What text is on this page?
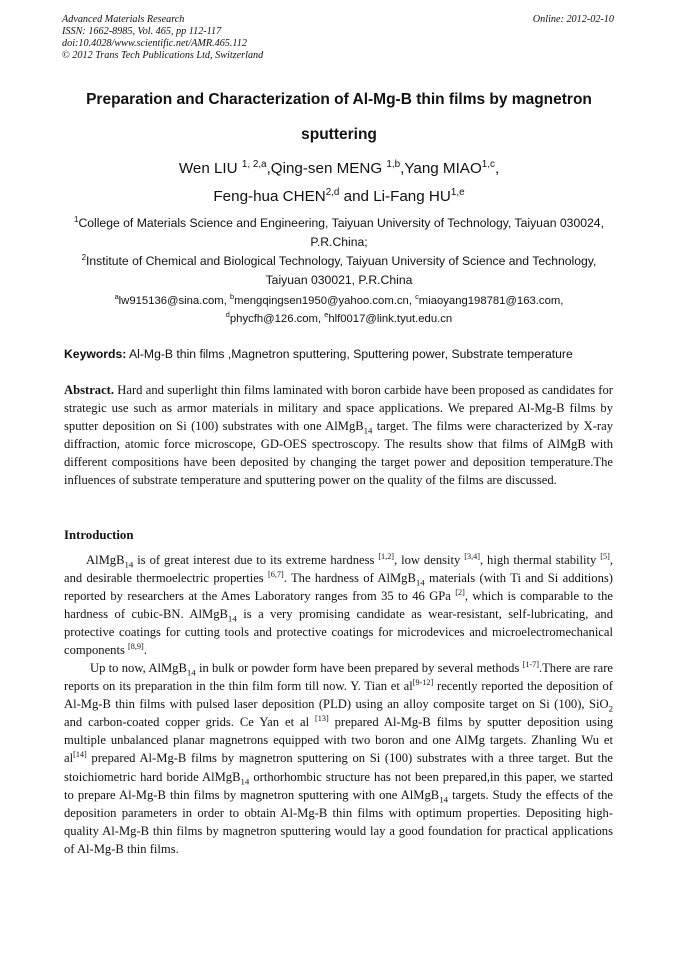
Advanced Materials Research
ISSN: 1662-8985, Vol. 465, pp 112-117
doi:10.4028/www.scientific.net/AMR.465.112
© 2012 Trans Tech Publications Ltd, Switzerland
Online: 2012-02-10
Preparation and Characterization of Al-Mg-B thin films by magnetron
sputtering
Wen LIU $^{1, 2,a}$,Qing-sen MENG $^{1,b}$,Yang MIAO$^{1,c}$,
Feng-hua CHEN$^{2,d}$ and Li-Fang HU$^{1,e}$
$^1$College of Materials Science and Engineering, Taiyuan University of Technology, Taiyuan 030024,
P.R.China;
$^2$Institute of Chemical and Biological Technology, Taiyuan University of Science and Technology,
Taiyuan 030021, P.R.China
$^a$lw915136@sina.com, $^b$mengqingsen1950@yahoo.com.cn, $^c$miaoyang198781@163.com,
$^d$phycfh@126.com, $^e$hlf0017@link.tyut.edu.cn
Keywords: Al-Mg-B thin films ,Magnetron sputtering, Sputtering power, Substrate temperature
Abstract. Hard and superlight thin films laminated with boron carbide have been proposed as candidates for strategic use such as armor materials in military and space applications. We prepared Al-Mg-B films by sputter deposition on Si (100) substrates with one AlMgB$_{14}$ target. The films were characterized by X-ray diffraction, atomic force microscope, GD-OES spectroscopy. The results show that films of AlMgB with different compositions have been deposited by changing the target power and deposition temperature.The influences of substrate temperature and sputtering power on the quality of the films are discussed.
Introduction
AlMgB$_{14}$ is of great interest due to its extreme hardness [1,2], low density [3,4], high thermal stability [5], and desirable thermoelectric properties [6,7]. The hardness of AlMgB$_{14}$ materials (with Ti and Si additions) reported by researchers at the Ames Laboratory ranges from 35 to 46 GPa [2], which is comparable to the hardness of cubic-BN. AlMgB$_{14}$ is a very promising candidate as wear-resistant, self-lubricating, and protective coatings for cutting tools and protective coatings for microdevices and microelectromechanical components [8,9].
Up to now, AlMgB$_{14}$ in bulk or powder form have been prepared by several methods [1-7].There are rare reports on its preparation in the thin film form till now. Y. Tian et al[9-12] recently reported the deposition of Al-Mg-B thin films with pulsed laser deposition (PLD) using an alloy composite target on Si (100), SiO$_2$ and carbon-coated copper grids. Ce Yan et al [13] prepared Al-Mg-B films by sputter deposition using multiple unbalanced planar magnetrons equipped with two boron and one AlMg targets. Zhanling Wu et al[14] prepared Al-Mg-B films by magnetron sputtering on Si (100) substrates with a three target. But the stoichiometric hard boride AlMgB$_{14}$ orthorhombic structure has not been prepared,in this paper, we started to prepare Al-Mg-B thin films by magnetron sputtering with one AlMgB$_{14}$ targets. Study the effects of the deposition parameters in order to obtain Al-Mg-B thin films with optimum properties. Depositing high-quality Al-Mg-B thin films by magnetron sputtering would lay a good foundation for practical applications of Al-Mg-B thin films.
